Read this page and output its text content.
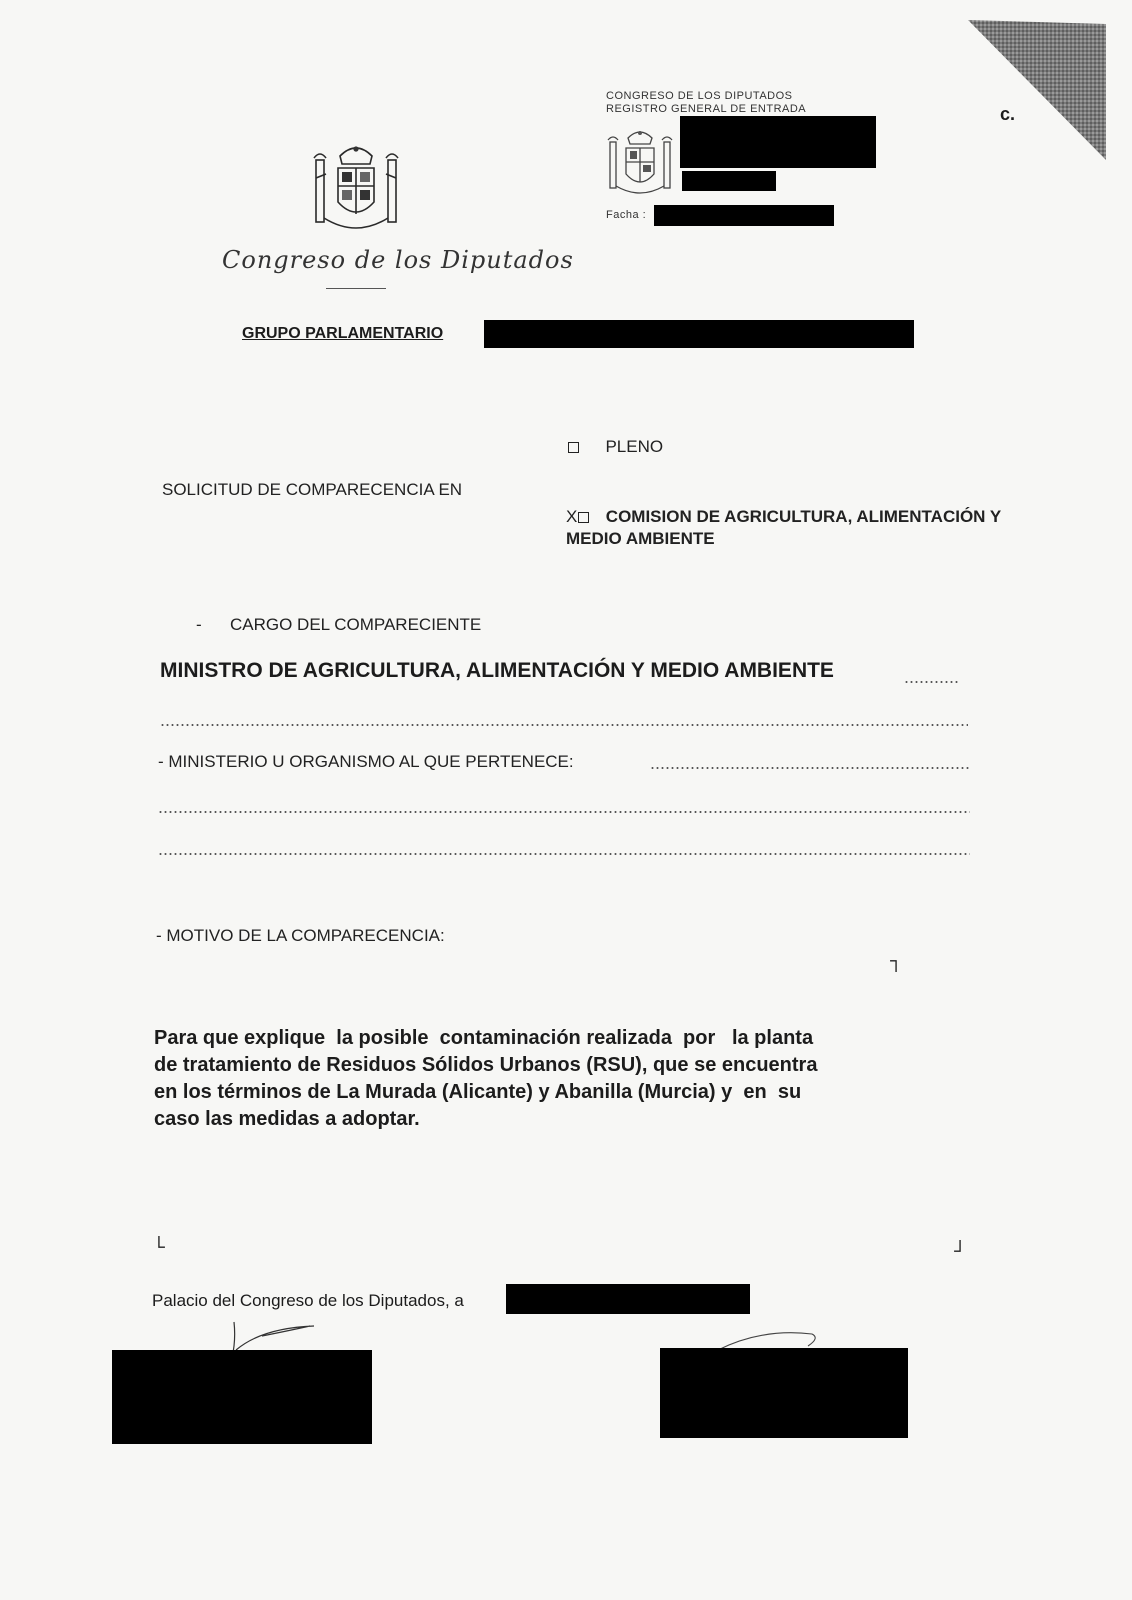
c.
CONGRESO DE LOS DIPUTADOS
REGISTRO GENERAL DE ENTRADA
Facha :
Congreso de los Diputados
GRUPO PARLAMENTARIO
PLENO
SOLICITUD DE COMPARECENCIA EN
X COMISION DE AGRICULTURA, ALIMENTACIÓN Y
MEDIO AMBIENTE
- CARGO DEL COMPARECIENTE
MINISTRO DE AGRICULTURA, ALIMENTACIÓN Y MEDIO AMBIENTE
- MINISTERIO U ORGANISMO AL QUE PERTENECE:
- MOTIVO DE LA COMPARECENCIA:
Para que explique  la posible  contaminación realizada  por   la planta
de tratamiento de Residuos Sólidos Urbanos (RSU), que se encuentra
en los términos de La Murada (Alicante) y Abanilla (Murcia) y  en  su
caso las medidas a adoptar.
Palacio del Congreso de los Diputados, a
